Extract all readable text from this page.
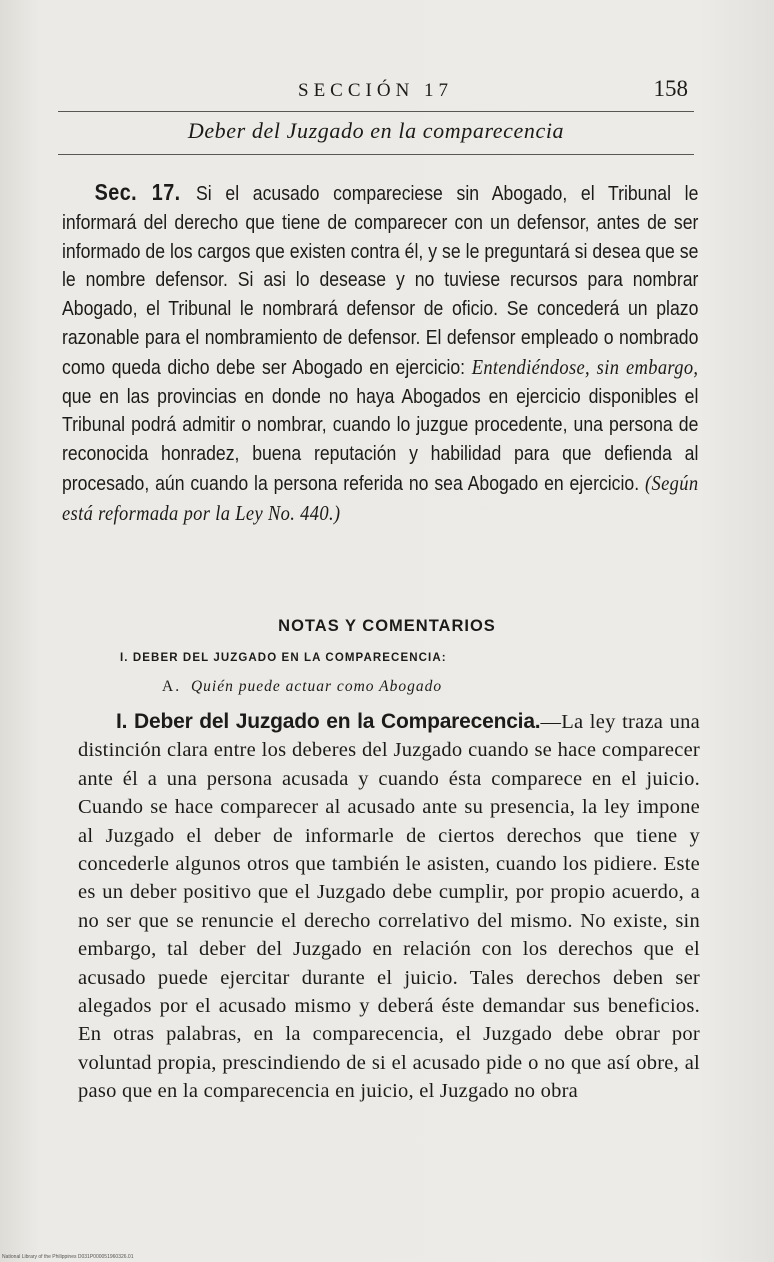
SECCIÓN 17	158
Deber del Juzgado en la comparecencia

Sec. 17. Si el acusado compareciese sin Abogado, el Tribunal le informará del derecho que tiene de comparecer con un defensor, antes de ser informado de los cargos que existen contra él, y se le preguntará si desea que se le nombre defensor. Si asi lo desease y no tuviese recursos para nombrar Abogado, el Tribunal le nombrará defensor de oficio. Se concederá un plazo razonable para el nombramiento de defensor. El defensor empleado o nombrado como queda dicho debe ser Abogado en ejercicio: Entendiéndose, sin embargo, que en las provincias en donde no haya Abogados en ejercicio disponibles el Tribunal podrá admitir o nombrar, cuando lo juzgue procedente, una persona de reconocida honradez, buena reputación y habilidad para que defienda al procesado, aún cuando la persona referida no sea Abogado en ejercicio. (Según está reformada por la Ley No. 440.)

NOTAS Y COMENTARIOS
I. DEBER DEL JUZGADO EN LA COMPARECENCIA:
A. Quién puede actuar como Abogado

I. Deber del Juzgado en la Comparecencia.—La ley traza una distinción clara entre los deberes del Juzgado cuando se hace comparecer ante él a una persona acusada y cuando ésta comparece en el juicio. Cuando se hace comparecer al acusado ante su presencia, la ley impone al Juzgado el deber de informarle de ciertos derechos que tiene y concederle algunos otros que también le asisten, cuando los pidiere. Este es un deber positivo que el Juzgado debe cumplir, por propio acuerdo, a no ser que se renuncie el derecho correlativo del mismo. No existe, sin embargo, tal deber del Juzgado en relación con los derechos que el acusado puede ejercitar durante el juicio. Tales derechos deben ser alegados por el acusado mismo y deberá éste demandar sus beneficios. En otras palabras, en la comparecencia, el Juzgado debe obrar por voluntad propia, prescindiendo de si el acusado pide o no que así obre, al paso que en la comparecencia en juicio, el Juzgado no obra

National Library of the Philippines D031P000051960326.01
